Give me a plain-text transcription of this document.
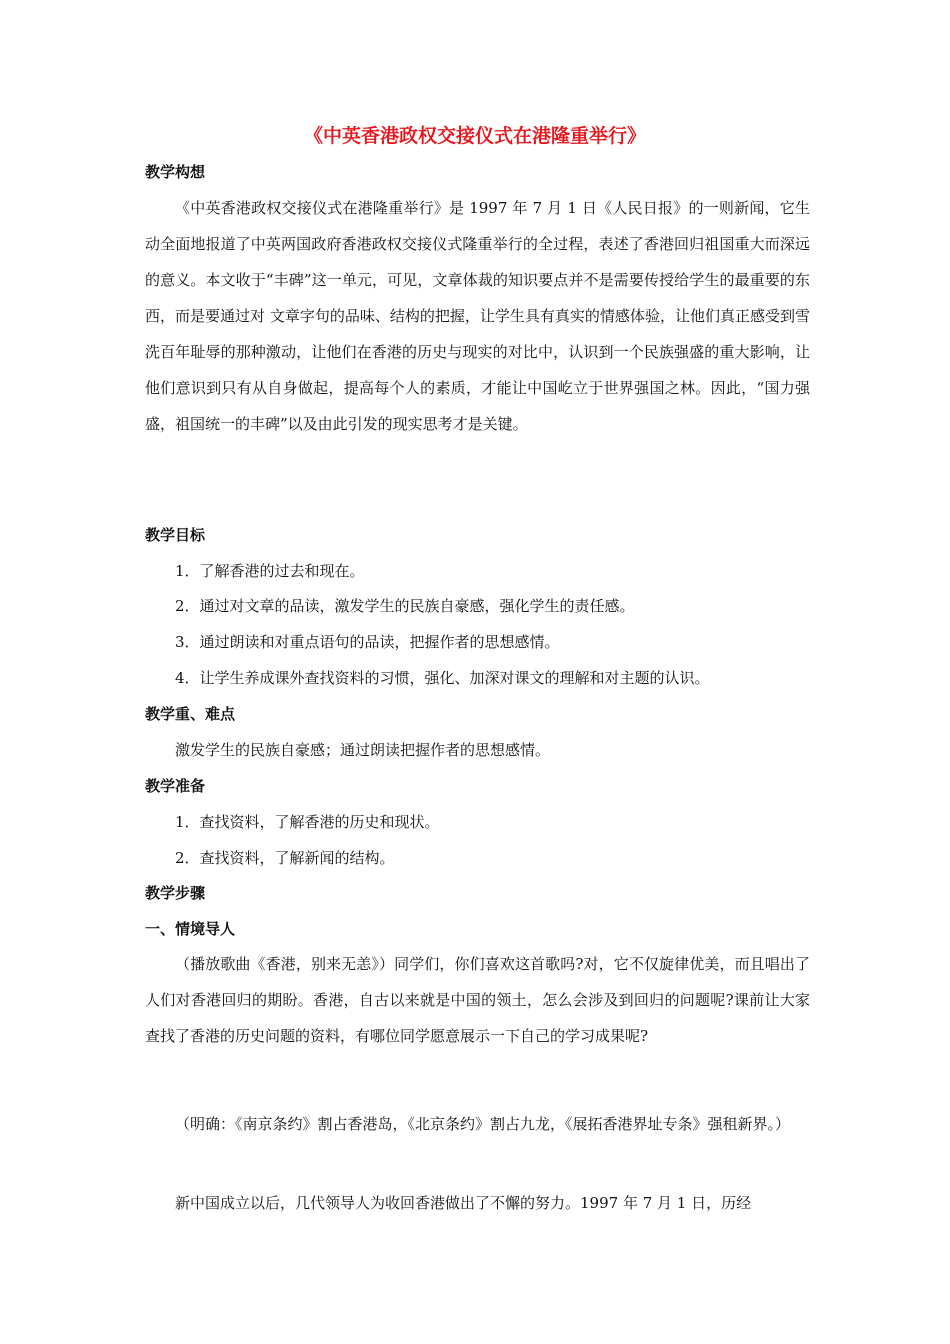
《中英香港政权交接仪式在港隆重举行》
教学构想

《中英香港政权交接仪式在港隆重举行》是 1997 年 7 月 1 日《人民日报》的一则新闻，它生动全面地报道了中英两国政府香港政权交接仪式隆重举行的全过程，表述了香港回归祖国重大而深远的意义。本文收于“丰碑”这一单元，可见，文章体裁的知识要点并不是需要传授给学生的最重要的东西，而是要通过对 文章字句的品味、结构的把握，让学生具有真实的情感体验，让他们真正感受到雪洗百年耻辱的那种激动，让他们在香港的历史与现实的对比中，认识到一个民族强盛的重大影响，让他们意识到只有从自身做起，提高每个人的素质，才能让中国屹立于世界强国之林。因此，“国力强盛，祖国统一的丰碑”以及由此引发的现实思考才是关键。

教学目标
1．了解香港的过去和现在。
2．通过对文章的品读，激发学生的民族自豪感，强化学生的责任感。
3．通过朗读和对重点语句的品读，把握作者的思想感情。
4．让学生养成课外查找资料的习惯，强化、加深对课文的理解和对主题的认识。
教学重、难点
激发学生的民族自豪感；通过朗读把握作者的思想感情。
教学准备
1．查找资料，了解香港的历史和现状。
2．查找资料，了解新闻的结构。
教学步骤
一、情境导人

（播放歌曲《香港，别来无恙》）同学们，你们喜欢这首歌吗?对，它不仅旋律优美，而且唱出了人们对香港回归的期盼。香港，自古以来就是中国的领土，怎么会涉及到回归的问题呢?课前让大家查找了香港的历史问题的资料，有哪位同学愿意展示一下自己的学习成果呢?

（明确：《南京条约》割占香港岛，《北京条约》割占九龙，《展拓香港界址专条》强租新界。）

新中国成立以后，几代领导人为收回香港做出了不懈的努力。1997 年 7 月 1 日，历经
